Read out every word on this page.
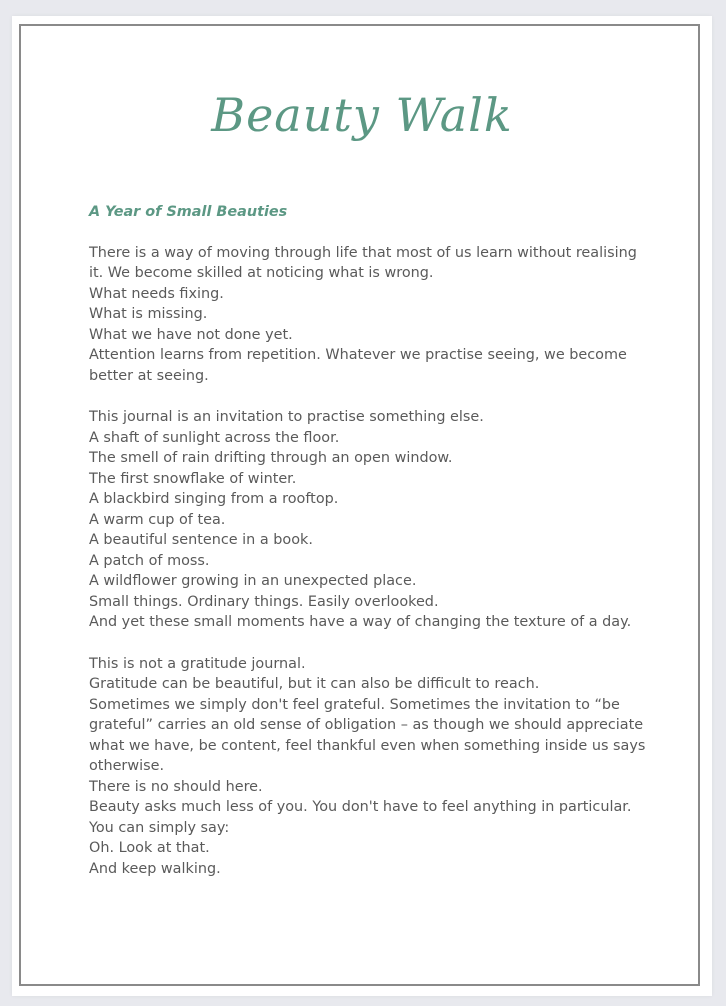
Beauty Walk

A Year of Small Beauties

There is a way of moving through life that most of us learn without realising it. We become skilled at noticing what is wrong.
What needs fixing.
What is missing.
What we have not done yet.
Attention learns from repetition. Whatever we practise seeing, we become better at seeing.
This journal is an invitation to practise something else.
A shaft of sunlight across the floor.
The smell of rain drifting through an open window.
The first snowflake of winter.
A blackbird singing from a rooftop.
A warm cup of tea.
A beautiful sentence in a book.
A patch of moss.
A wildflower growing in an unexpected place.
Small things. Ordinary things. Easily overlooked.
And yet these small moments have a way of changing the texture of a day.
This is not a gratitude journal.
Gratitude can be beautiful, but it can also be difficult to reach.
Sometimes we simply don't feel grateful. Sometimes the invitation to “be grateful” carries an old sense of obligation – as though we should appreciate what we have, be content, feel thankful even when something inside us says otherwise.
There is no should here.
Beauty asks much less of you. You don't have to feel anything in particular. You can simply say:
Oh. Look at that.
And keep walking.
